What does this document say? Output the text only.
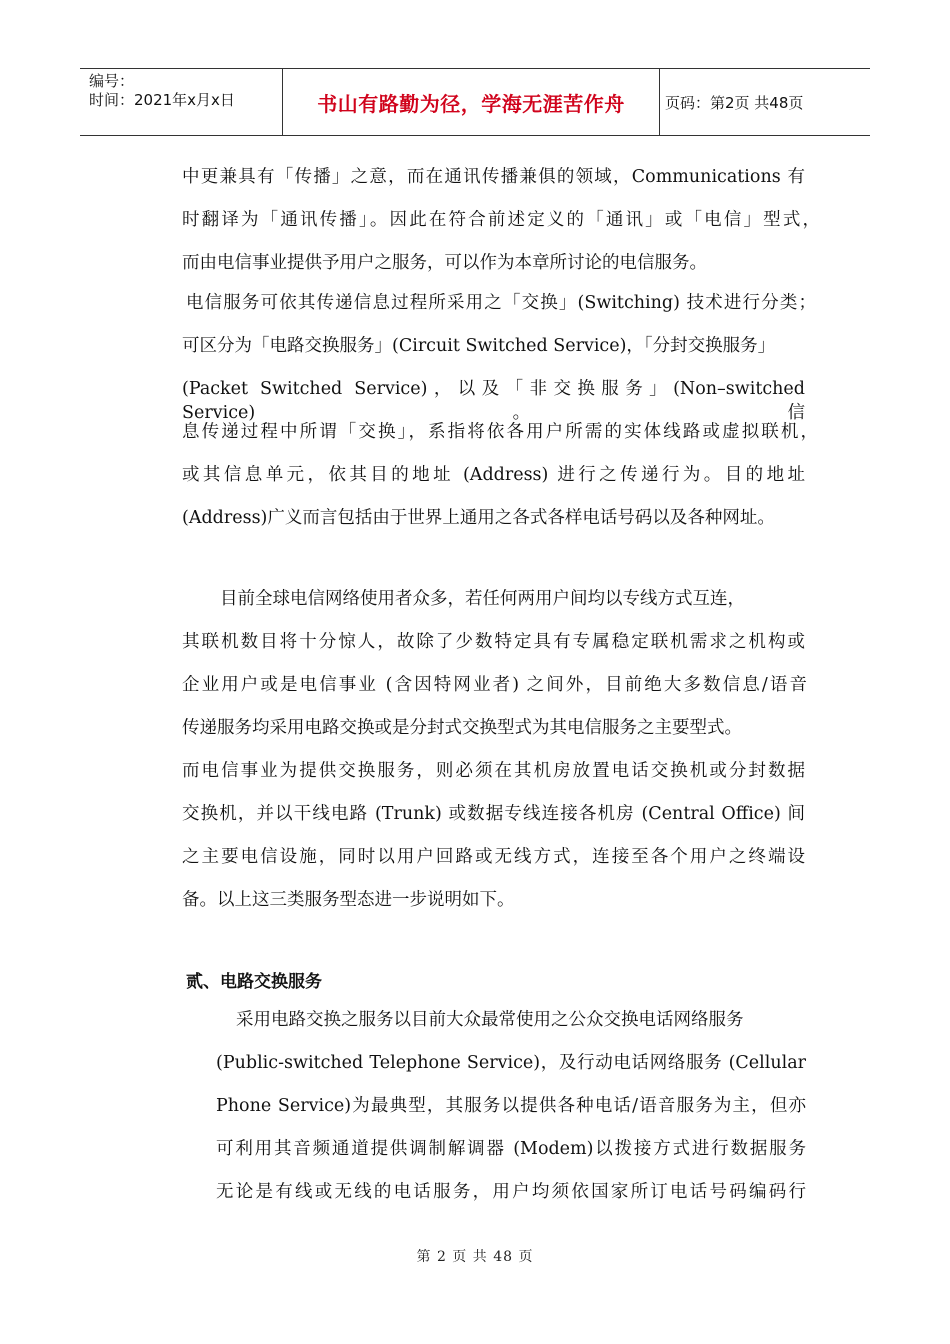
编号：
时间：2021年x月x日	书山有路勤为径，学海无涯苦作舟	页码：第2页 共48页

中更兼具有「传播」之意，而在通讯传播兼俱的领域，Communications 有

时翻译为「通讯传播」。因此在符合前述定义的「通讯」或「电信」型式，

而由电信事业提供予用户之服务，可以作为本章所讨论的电信服务。

电信服务可依其传递信息过程所采用之「交换」(Switching) 技术进行分类；

可区分为「电路交换服务」(Circuit Switched Service)，「分封交换服务」

(Packet Switched Service)，以及「非交换服务」(Non–switched Service)。信

息传递过程中所谓「交换」，系指将依各用户所需的实体线路或虚拟联机，

或其信息单元，依其目的地址 (Address) 进行之传递行为。目的地址

(Address)广义而言包括由于世界上通用之各式各样电话号码以及各种网址。

目前全球电信网络使用者众多，若任何两用户间均以专线方式互连，

其联机数目将十分惊人，故除了少数特定具有专属稳定联机需求之机构或

企业用户或是电信事业 (含因特网业者) 之间外，目前绝大多数信息/语音

传递服务均采用电路交换或是分封式交换型式为其电信服务之主要型式。

而电信事业为提供交换服务，则必须在其机房放置电话交换机或分封数据

交换机，并以干线电路 (Trunk) 或数据专线连接各机房 (Central Office) 间

之主要电信设施，同时以用户回路或无线方式，连接至各个用户之终端设

备。以上这三类服务型态进一步说明如下。

贰、电路交换服务

采用电路交换之服务以目前大众最常使用之公众交换电话网络服务

(Public-switched Telephone Service)，及行动电话网络服务 (Cellular

Phone Service)为最典型，其服务以提供各种电话/语音服务为主，但亦

可利用其音频通道提供调制解调器 (Modem)以拨接方式进行数据服务

无论是有线或无线的电话服务，用户均须依国家所订电话号码编码行

第 2 页 共 48 页
